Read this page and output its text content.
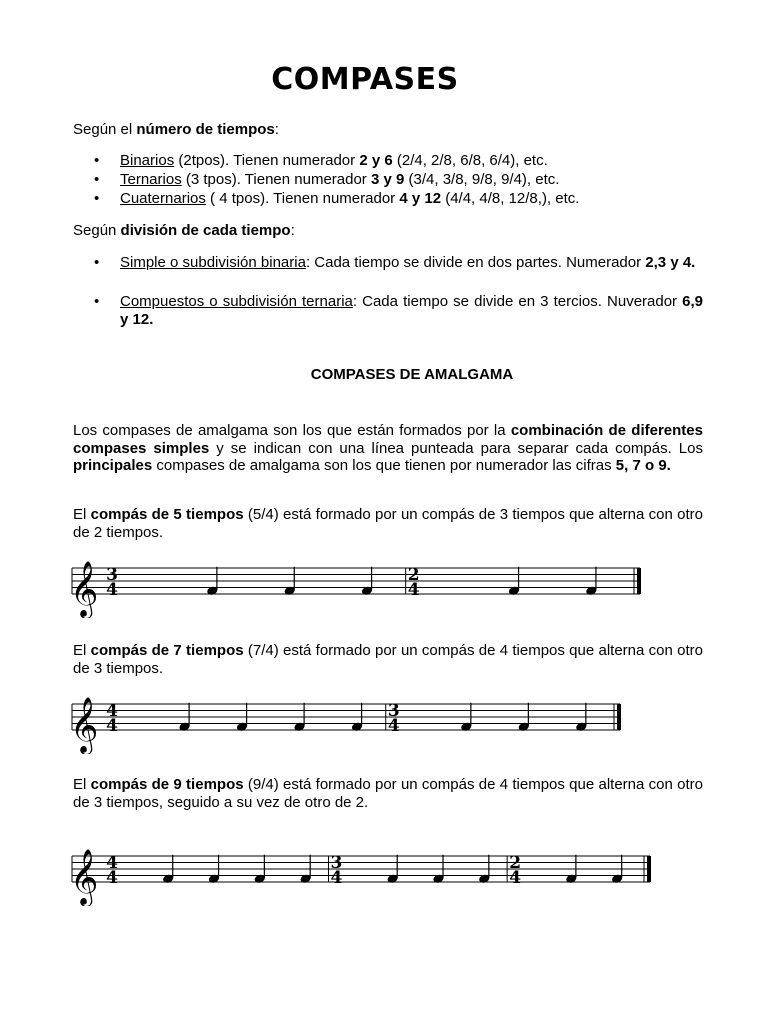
COMPASES
Según el número de tiempos:
• Binarios (2tpos). Tienen numerador 2 y 6 (2/4, 2/8, 6/8, 6/4), etc.
• Ternarios (3 tpos). Tienen numerador 3 y 9 (3/4, 3/8, 9/8, 9/4), etc.
• Cuaternarios ( 4 tpos). Tienen numerador 4 y 12 (4/4, 4/8, 12/8,), etc.
Según división de cada tiempo:
• Simple o subdivisión binaria: Cada tiempo se divide en dos partes. Numerador 2,3 y 4.
• Compuestos o subdivisión ternaria: Cada tiempo se divide en 3 tercios. Nuverador 6,9 y 12.
COMPASES DE AMALGAMA
Los compases de amalgama son los que están formados por la combinación de diferentes compases simples y se indican con una línea punteada para separar cada compás. Los principales compases de amalgama son los que tienen por numerador las cifras 5, 7 o 9.
El compás de 5 tiempos (5/4) está formado por un compás de 3 tiempos que alterna con otro de 2 tiempos.
𝄞 3
4
2
4
El compás de 7 tiempos (7/4) está formado por un compás de 4 tiempos que alterna con otro de 3 tiempos.
𝄞 4
4
3
4
El compás de 9 tiempos (9/4) está formado por un compás de 4 tiempos que alterna con otro de 3 tiempos, seguido a su vez de otro de 2.
𝄞 4
4
3
4
2
4
